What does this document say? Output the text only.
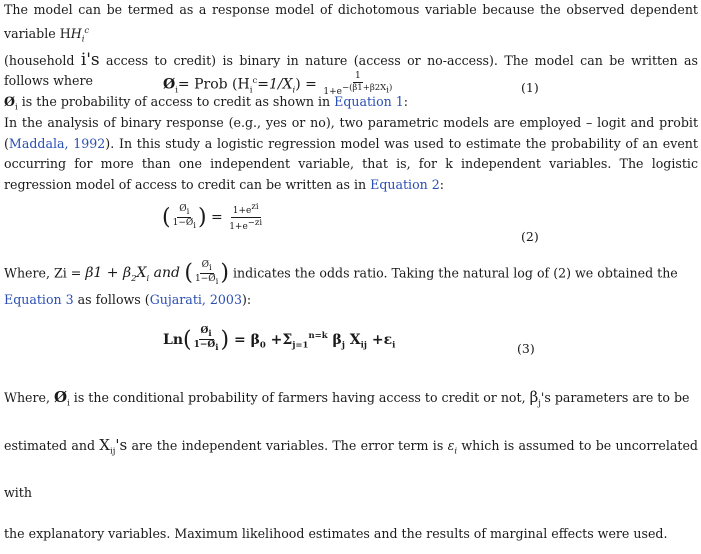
The model can be termed as a response model of dichotomous variable because the observed dependent variable $HH_i^c$
(household i's access to credit) is binary in nature (access or no-access). The model can be written as follows where
$Ø_i$ is the probability of access to credit as shown in Equation 1:

$Ø_i=$ Prob $(H_i^c=1/X_i) = \frac{1}{1+e^{-(\beta 1+\beta 2X_i)}}$	(1)

In the analysis of binary response (e.g., yes or no), two parametric models are employed – logit and probit (Maddala, 1992). In this study a logistic regression model was used to estimate the probability of an event occurring for more than one independent variable, that is, for k independent variables. The logistic regression model of access to credit can be written as in Equation 2:

( $\frac{Ø_i}{1-Ø_i}$ ) = $\frac{1+e^{zi}}{1+e^{-zi}}$
(2)

Where, $Zi = \beta 1 + \beta_2X_i$ and ( $\frac{Ø_i}{1-Ø_i}$ ) indicates the odds ratio. Taking the natural log of (2) we obtained the
Equation 3 as follows (Gujarati, 2003):

$Ln( \frac{Ø_i}{1-Ø_i}$ ) = $\beta_0 +\Sigma_{j=1}^{n=k}$ $\beta_j$ $X_{ij} +\varepsilon_i$	(3)

Where, $Ø_i$ is the conditional probability of farmers having access to credit or not, $\beta_j's$ parameters are to be
estimated and $X_{ij}'s$ are the independent variables. The error term is $\varepsilon_i$ which is assumed to be uncorrelated with
the explanatory variables. Maximum likelihood estimates and the results of marginal effects were used.
